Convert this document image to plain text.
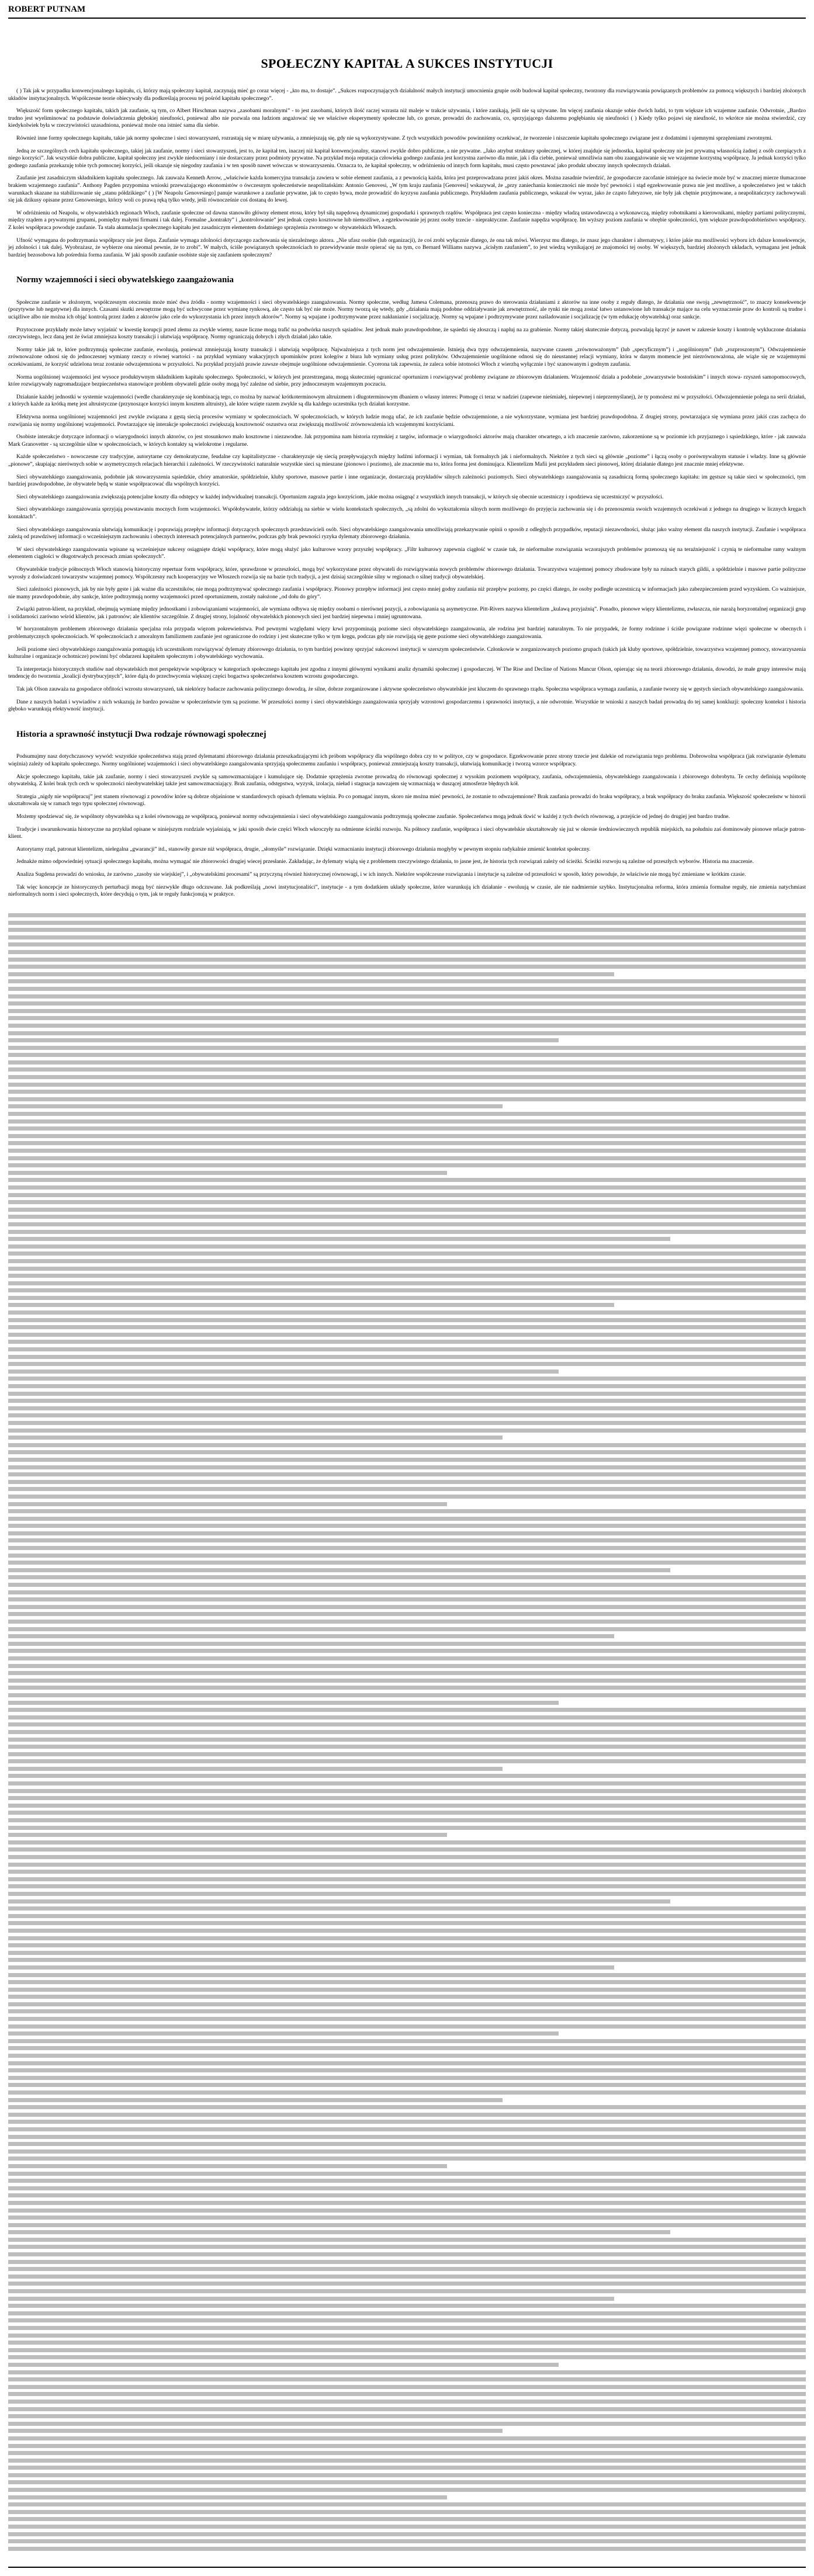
ROBERT PUTNAM
SPOŁECZNY KAPITAŁ A SUKCES INSTYTUCJI

( ) Tak jak w przypadku konwencjonalnego kapitału, ci, którzy mają społeczny kapitał, zaczynają mieć go coraz więcej - „kto ma, to dostaje”. „Sukces rozpoczynających działalność małych instytucji umocnienia grupie osób budował kapitał społeczny, tworzony dla rozwiązywania powiązanych problemów za pomocą większych i bardziej złożonych układów instytucjonalnych. Współczesne teorie obiecywały dla podkreślają procesu tej pośród kapitału społecznego”.

Większość form społecznego kapitału, takich jak zaufanie, są tym, co Albert Hirschman nazywa „zasobami moralnymi” - to jest zasobami, których ilość raczej wzrasta niż maleje w trakcie używania, i które zanikają, jeśli nie są używane. Im więcej zaufania okazuje sobie dwóch ludzi, to tym większe ich wzajemne zaufanie. Odwrotnie, „Bardzo trudno jest wyeliminować na podstawie doświadczenia głębokiej nieufności, ponieważ albo nie pozwala ona ludziom angażować się we właściwe eksperymenty społeczne lub, co gorsze, prowadzi do zachowania, co, sprzyjającego dalszemu pogłębianiu się nieufności ( ) Kiedy tylko pojawi się nieufność, to wkrótce nie można stwierdzić, czy kiedykolwiek była w rzeczywistości uzasadniona, ponieważ może ona istnieć sama dla siebie.

Również inne formy społecznego kapitału, takie jak normy społeczne i sieci stowarzyszeń, rozrastają się w miarę używania, a zmniejszają się, gdy nie są wykorzystywane. Z tych wszystkich powodów powinniśmy oczekiwać, że tworzenie i niszczenie kapitału społecznego związane jest z dodatnimi i ujemnymi sprzężeniami zwrotnymi.

Jedną ze szczególnych cech kapitału społecznego, takiej jak zaufanie, normy i sieci stowarzyszeń, jest to, że kapitał ten, inaczej niż kapitał konwencjonalny, stanowi zwykle dobro publiczne, a nie prywatne. „Jako atrybut struktury społecznej, w której znajduje się jednostka, kapitał społeczny nie jest prywatną własnością żadnej z osób czerpiących z niego korzyści”. Jak wszystkie dobra publiczne, kapitał społeczny jest zwykle niedoceniany i nie dostarczany przez podmioty prywatne. Na przykład moja reputacja człowieka godnego zaufania jest korzystna zarówno dla mnie, jak i dla ciebie, ponieważ umożliwia nam obu zaangażowanie się we wzajemne korzystną współpracę. Ja jednak korzyści tylko godnego zaufania przekazuję tobie tych pomocnej korzyści, jeśli okazuje się niegodny zaufania i w ten sposób nawet wówczas w stowarzyszeniu. Oznacza to, że kapitał społeczny, w odróżnieniu od innych form kapitału, musi często powstawać jako produkt uboczny innych społecznych działań.

Zaufanie jest zasadniczym składnikiem kapitału społecznego. Jak zauważa Kenneth Arrow, „właściwie każda komercyjna transakcja zawiera w sobie element zaufania, a z pewnością każda, która jest przeprowadzana przez jakiś okres. Można zasadnie twierdzić, że gospodarcze zacofanie istniejące na świecie może być w znacznej mierze tłumaczone brakiem wzajemnego zaufania”. Anthony Pagden przypomina wnioski przeważającego ekonomistów o ówczesnym społeczeństwie neapolitańskim: Antonio Genovesi, „W tym kraju zaufania [Genovesi] wskazywał, że „przy zaniechania konieczności nie może być pewności i stąd egzekwowanie prawa nie jest możliwe, a społeczeństwo jest w takich warunkach skazane na stabilizowanie się „stanu półdzikiego” ( ) [W Neapolu Genovesiego] panuje warunkowe a zaufanie prywatne, jak to często bywa, może prowadzić do kryzysu zaufania publicznego. Przykładem zaufania publicznego, wskazał ów wyraz, jako że cząsto fabryzowe, nie były jak chętnie przyjmowane, a neapolitańczycy zachowywali się jak dzikusy opisane przez Genowesiego, którzy woli co prawą ręką tylko wtedy, jeśli równocześnie coś dostaną do lewej.

W odróżnieniu od Neapolu, w obywatelskich regionach Włoch, zaufanie społeczne od dawna stanowiło główny element etosu, który był siłą napędową dynamicznej gospodarki i sprawnych rządów. Współpraca jest często konieczna - między władzą ustawodawczą a wykonawczą, między robotnikami a kierownikami, między partiami politycznymi, między rządem a prywatnymi grupami, pomiędzy małymi firmami i tak dalej. Formalne „kontrakty” i „kontrolowanie” jest jednak często kosztowne lub niemożliwe, a egzekwowanie jej przez osoby trzecie - niepraktyczne. Zaufanie napędza współpracę. Im wyższy poziom zaufania w obrębie społeczności, tym większe prawdopodobieństwo współpracy. Z kolei współpraca powoduje zaufanie. Ta stała akumulacja społecznego kapitału jest zasadniczym elementem dodatniego sprzężenia zwrotnego w obywatelskich Włoszech.

Ufność wymagana do podtrzymania współpracy nie jest ślepa. Zaufanie wymaga zdolności dotyczącego zachowania się niezależnego aktora. „Nie ufasz osobie (lub organizacji), że coś zrobi wyłącznie dlatego, że ona tak mówi. Wierzysz mu dlatego, że znasz jego charakter i alternatywy, i które jakie ma możliwości wyboru ich dalsze konsekwencje, jej zdolności i tak dalej. Wyobrażasz, że wybierze ona nieomal pewnie, że to zrobi”. W małych, ściśle powiązanych społecznościach to przewidywanie może opierać się na tym, co Bernard Williams nazywa „ścisłym zaufaniem”, to jest wiedzą wynikającej ze znajomości tej osoby. W większych, bardziej złożonych układach, wymagana jest jednak bardziej bezosobowa lub pośrednia forma zaufania. W jaki sposób zaufanie osobiste staje się zaufaniem społecznym?

Normy wzajemności i sieci obywatelskiego zaangażowania

Społeczne zaufanie w złożonym, współczesnym otoczeniu może mieć dwa źródła - normy wzajemności i sieci obywatelskiego zaangażowania. Normy społeczne, według Jamesa Colemana, przenoszą prawo do sterowania działaniami z aktorów na inne osoby z reguły dlatego, że działania one swoją „zewnętrzność”, to znaczy konsekwencje (pozytywne lub negatywne) dla innych. Czasami skutki zewnętrzne mogą być uchwycone przez wymianę rynkową, ale często tak być nie może. Normy tworzą się wtedy, gdy „działania mają podobne oddziaływanie jak zewnętrzność, ale rynki nie mogą zostać łatwo ustanowione lub transakcje mające na celu wyznaczenie praw do kontroli są trudne i uciążliwe albo nie można ich objąć kontrolą przez żaden z aktorów jako cele do wykorzystania ich przez innych aktorów”. Normy są wpajane i podtrzymywane przez nakłanianie i socjalizację. Normy są wpajane i podtrzymywane przez naśladowanie i socjalizację (w tym edukację obywatelską) oraz sankcje.

Przytoczone przykłady może łatwy wyjaśnić w kwestię korupcji przed złemu za zwykle wiemy, nasze liczne mogą trafić na podwórka naszych sąsiadów. Jest jednak mało prawdopodobne, że sąsiedzi się złoszczą i napluj na za grabienie. Normy takiej skutecznie dotyczą, pozwalają łączyć je nawet w zakresie koszty i kontrolę wykluczone działania rzeczywistego, lecz daną jest że świat zmniejsza koszty transakcji i ułatwiają współpracę. Normy ograniczają dobrych i złych działań jako takie.

Normy takie jak te, które podtrzymują społeczne zaufanie, ewoluują, ponieważ zmniejszają koszty transakcji i ułatwiają współpracę. Najważniejsza z tych norm jest odwzajemnienie. Istnieją dwa typy odwzajemnienia, nazywane czasem „zrównoważonym” (lub „specyficznym”) i „uogólnionym” (lub „rozproszonym”). Odwzajemnienie zrównoważone odnosi się do jednoczesnej wymiany rzeczy o równej wartości - na przykład wymiany wakacyjnych upominków przez kolegów z biura lub wymiany usług przez polityków. Odwzajemnienie uogólnione odnosi się do nieustannej relacji wymiany, która w danym momencie jest niezrównoważona, ale wiąże się ze wzajemnymi oczekiwaniami, że korzyść udzielona teraz zostanie odwzajemniona w przyszłości. Na przykład przyjaźń prawie zawsze obejmuje uogólnione odwzajemnienie. Cycerona tak zapewnia, że zaleca sobie istotności Włoch z wierzbą wyłącznie i być szanowanym i godnym zaufania.

Norma uogólnionej wzajemności jest wysoce produktywnym składnikiem kapitału społecznego. Społeczności, w których jest przestrzegana, mogą skuteczniej ograniczać oportunizm i rozwiązywać problemy związane ze zbiorowym działaniem. Wzajemność działa a podobnie „towarzystwie bostońskim” i innych stowa- rzyszeń samopomocowych, które rozwiązywały nagromadzające bezpieczeństwa stanowiące problem obywateli gdzie osoby mogą być zależne od siebie, przy jednoczesnym wzajemnym poczuciu.

Działanie każdej jednostki w systemie wzajemności (wedle charakteryzuje się kombinacją tego, co można by nazwać krótkoterminowym altruizmem i długoterminowym dbaniem o własny interes: Pomogę ci teraz w nadziei (zapewne nieśmiałej, niepewnej i nieprzemyślanej), że ty pomożesz mi w przyszłości. Odwzajemnienie polega na serii działań, z których każde za krótką metę jest altruistyczne (przynoszące korzyści innym kosztem altruisty), ale które wzięte razem zwykle są dla każdego uczestnika tych działań korzystne.

Efektywna norma uogólnionej wzajemności jest zwykle związana z gęstą siecią procesów wymiany w społecznościach. W społecznościach, w których ludzie mogą ufać, że ich zaufanie będzie odwzajemnione, a nie wykorzystane, wymiana jest bardziej prawdopodobna. Z drugiej strony, powtarzająca się wymiana przez jakiś czas zachęca do rozwijania się normy uogólnionej wzajemności. Powtarzające się interakcje społeczności zwiększają kosztowność oszustwa oraz zwiększają możliwość zrównoważenia ich wzajemnymi korzyściami.

Osobiste interakcje dotyczące informacji o wiarygodności innych aktorów, co jest stosunkowo mało kosztowne i niezawodne. Jak przypomina nam historia rzymskiej z targów, informacje o wiarygodności aktorów mają charakter otwartego, a ich znaczenie zarówno, zakorzenione są w poziomie ich przyjaznego i sąsiedzkiego, które - jak zauważa Mark Granovetter - są szczególnie silne w społecznościach, w których kontakty są wielokrotne i regularne.

Każde społeczeństwo - nowoczesne czy tradycyjne, autorytarne czy demokratyczne, feudalne czy kapitalistyczne - charakteryzuje się siecią przepływających między ludźmi informacji i wymian, tak formalnych jak i nieformalnych. Niektóre z tych sieci są głównie „poziome” i łączą osoby o porównywalnym statusie i władzy. Inne są głównie „pionowe”, skupiając nierównych sobie w asymetrycznych relacjach hierarchii i zależności. W rzeczywistości naturalnie wszystkie sieci są mieszane (pionowo i poziomo), ale znaczenie ma to, która forma jest dominująca. Klientelizm Mafii jest przykładem sieci pionowej, której działanie dlatego jest znacznie mniej efektywne.

Sieci obywatelskiego zaangażowania, podobnie jak stowarzyszenia sąsiedzkie, chóry amatorskie, spółdzielnie, kluby sportowe, masowe partie i inne organizacje, dostarczają przykładów silnych zależności poziomych. Sieci obywatelskiego zaangażowania są zasadniczą formą społecznego kapitału: im gęstsze są takie sieci w społeczności, tym bardziej prawdopodobne, że obywatele będą w stanie współpracować dla wspólnych korzyści.

Sieci obywatelskiego zaangażowania zwiększają potencjalne koszty dla odstępcy w każdej indywidualnej transakcji. Oportunizm zagraża jego korzyściom, jakie można osiągnąć z wszystkich innych transakcji, w których się obecnie uczestniczy i spodziewa się uczestniczyć w przyszłości.

Sieci obywatelskiego zaangażowania sprzyjają powstawaniu mocnych form wzajemności. Współobywatele, którzy oddziałują na siebie w wielu kontekstach społecznych, „są zdolni do wykształcenia silnych norm możliwego do przyjęcia zachowania się i do przenoszenia swoich wzajemnych oczekiwań z jednego na drugiego w licznych kręgach kontaktach”.

Sieci obywatelskiego zaangażowania ułatwiają komunikację i poprawiają przepływ informacji dotyczących społecznych przedstawicieli osób. Sieci obywatelskiego zaangażowania umożliwiają przekazywanie opinii o sposób z odległych przypadków, reputacji niezawodności, służąc jako ważny element dla naszych instytucji. Zaufanie i współpraca zależą od prawdziwej informacji o wcześniejszym zachowaniu i obecnych interesach potencjalnych partnerów, podczas gdy brak pewności ryzyka dylematy zbiorowego działania.

W sieci obywatelskiego zaangażowania wpisane są wcześniejsze sukcesy osiągnięte dzięki współpracy, które mogą służyć jako kulturowe wzory przyszłej współpracy. „Filtr kulturowy zapewnia ciągłość w czasie tak, że nieformalne rozwiązania wczorajszych problemów przenoszą się na teraźniejszość i czynią te nieformalne ramy ważnym elementem ciągłości w długotrwałych procesach zmian społecznych”.

Obywatelskie tradycje północnych Włoch stanowią historyczny repertuar form współpracy, które, sprawdzone w przeszłości, mogą być wykorzystane przez obywateli do rozwiązywania nowych problemów zbiorowego działania. Towarzystwa wzajemnej pomocy zbudowane były na ruinach starych gildii, a spółdzielnie i masowe partie polityczne wyrosły z doświadczeń towarzystw wzajemnej pomocy. Współczesny ruch kooperacyjny we Włoszech rozwija się na bazie tych tradycji, a jest dzisiaj szczególnie silny w regionach o silnej tradycji obywatelskiej.

Sieci zależności pionowych, jak by nie były gęste i jak ważne dla uczestników, nie mogą podtrzymywać społecznego zaufania i współpracy. Pionowy przepływ informacji jest często mniej godny zaufania niż przepływ poziomy, po części dlatego, że osoby podległe uczestniczą w informacjach jako zabezpieczeniem przed wyzyskiem. Co ważniejsze, nie mamy prawdopodobnie, aby sankcje, które podtrzymują normy wzajemności przed oportunizmem, zostały nałożone „od dołu do góry”.

Związki patron-klient, na przykład, obejmują wymianę między jednostkami i zobowiązaniami wzajemności, ale wymiana odbywa się między osobami o nierównej pozycji, a zobowiązania są asymetryczne. Pitt-Rivers nazywa klientelizm „kulawą przyjaźnią”. Ponadto, pionowe więzy klientelizmu, zwłaszcza, nie narażą horyzontalnej organizacji grup i solidarności zarówno wśród klientów, jak i patronów; ale klientów szczególnie. Z drugiej strony, lojalność obywatelskich pionowych sieci jest bardziej niepewna i mniej ugruntowana.

W horyzontalnym problemem zbiorowego działania specjalna rola przypada więzom pokrewieństwa. Pod pewnymi względami więzy krwi przypominają poziome sieci obywatelskiego zaangażowania, ale rodzina jest bardziej naturalnym. To nie przypadek, że formy rodzinne i ściśle powiązane rodzinne więzi społeczne w obecnych i problematycznych społecznościach. W społecznościach z amoralnym familizmem zaufanie jest ograniczone do rodziny i jest skuteczne tylko w tym kręgu, podczas gdy nie rozwijają się gęste poziome sieci obywatelskiego zaangażowania.

Jeśli poziome sieci obywatelskiego zaangażowania pomagają ich uczestnikom rozwiązywać dylematy zbiorowego działania, to tym bardziej powinny sprzyjać sukcesowi instytucji w szerszym społeczeństwie. Członkowie w zorganizowanych poziomo grupach (takich jak kluby sportowe, spółdzielnie, towarzystwa wzajemnej pomocy, stowarzyszenia kulturalne i organizacje ochotnicze) powinni być obdarzeni kapitałem społecznym i obywatelskiego wychowania.

Ta interpretacja historycznych studiów nad obywatelskich mot perspektywie współpracy w kategoriach społecznego kapitału jest zgodna z innymi głównymi wynikami analiz dynamiki społecznej i gospodarczej. W The Rise and Decline of Nations Mancur Olson, opierając się na teorii zbiorowego działania, dowodzi, że małe grupy interesów mają tendencję do tworzenia „koalicji dystrybucyjnych”, które dążą do przechwycenia większej części bogactwa społeczeństwa kosztem wzrostu gospodarczego.

Tak jak Olson zauważa na gospodarce obfitości wzrostu stowarzyszeń, tak niektórzy badacze zachowania politycznego dowodzą, że silne, dobrze zorganizowane i aktywne społeczeństwo obywatelskie jest kluczem do sprawnego rządu. Społeczna współpraca wymaga zaufania, a zaufanie tworzy się w gęstych sieciach obywatelskiego zaangażowania.

Dane z naszych badań i wywiadów z nich wskazują że bardzo poważne w społeczeństwie tym są poziome. W przeszłości normy i sieci obywatelskiego zaangażowania sprzyjały wzrostowi gospodarczemu i sprawności instytucji, a nie odwrotnie. Wszystkie te wnioski z naszych badań prowadzą do tej samej konkluzji: społeczny kontekst i historia głęboko warunkują efektywność instytucji.

Historia a sprawność instytucji Dwa rodzaje równowagi społecznej

Podsumujmy nasz dotychczasowy wywód: wszystkie społeczeństwa stają przed dylematami zbiorowego działania przeszkadzającymi ich próbom współpracy dla wspólnego dobra czy to w polityce, czy w gospodarce. Egzekwowanie przez strony trzecie jest dalekie od rozwiązania tego problemu. Dobrowolna współpraca (jak rozwiązanie dylematu więźnia) zależy od kapitału społecznego. Normy uogólnionej wzajemności i sieci obywatelskiego zaangażowania sprzyjają społecznemu zaufaniu i współpracy, ponieważ zmniejszają koszty transakcji, ułatwiają komunikację i tworzą wzorce współpracy.

Akcje społecznego kapitału, takie jak zaufanie, normy i sieci stowarzyszeń zwykle są samowzmacniające i kumulujące się. Dodatnie sprzężenia zwrotne prowadzą do równowagi społecznej z wysokim poziomem współpracy, zaufania, odwzajemnienia, obywatelskiego zaangażowania i zbiorowego dobrobytu. Te cechy definiują wspólnotę obywatelską. Z kolei brak tych cech w społeczności nieobywatelskiej także jest samowzmacniający. Brak zaufania, odstępstwa, wyzysk, izolacja, nieład i stagnacja nawzajem się wzmacniają w duszącej atmosferze błędnych kół.

Strategia „nigdy nie współpracuj” jest stanem równowagi z powodów które są dobrze objaśnione w standardowych opisach dylematu więźnia. Po co pomagać innym, skoro nie można mieć pewności, że zostanie to odwzajemnione? Brak zaufania prowadzi do braku współpracy, a brak współpracy do braku zaufania. Większość społeczeństw w historii ukształtowała się w ramach tego typu społecznej równowagi.

Możemy spodziewać się, że wspólnoty obywatelska są z kolei równowagą ze współpracą, ponieważ normy odwzajemnienia i sieci obywatelskiego zaangażowania podtrzymują społeczne zaufanie. Społeczeństwa mogą jednak tkwić w każdej z tych dwóch równowag, a przejście od jednej do drugiej jest bardzo trudne.

Tradycje i uwarunkowania historyczne na przykład opisane w niniejszym rozdziale wyjaśniają, w jaki sposób dwie części Włoch wkroczyły na odmienne ścieżki rozwoju. Na północy zaufanie, współpraca i sieci obywatelskie ukształtowały się już w okresie średniowiecznych republik miejskich, na południu zaś dominowały pionowe relacje patron-klient.

Autorytarny rząd, patronat klientelizm, nielegalna „gwarancji” itd., stanowiły gorsze niż współpraca, drugie, „słomyśle” rozwiązanie. Dzięki wzmacnianiu instytucji zbiorowego działania mogłyby w pewnym stopniu radykalnie zmienić kontekst społeczny.

Jednakże mimo odpowiedniej sytuacji społecznego kapitału, można wymagać nie zbiorowości drugiej wiecej przesłanie. Zakładając, że dylematy wiążą się z problemem rzeczywistego działania, to jasne jest, że historia tych rozwiązań zależy od ścieżki. Ścieżki rozwoju są zależne od przeszłych wyborów. Historia ma znaczenie.

Analiza Sugdena prowadzi do wniosku, że zarówno „zasoby sie wiejskiej”, i „obywatelskimi procesami” są przyczyną również historycznej równowagi, i w ich innych. Niektóre współczesne rozwiązania i instytucje są zależne od przeszłości w sposób, który powoduje, że właściwie nie mogą być zmieniane w krótkim czasie.

Tak więc koncepcje ze historycznych perturbacji mogą być niezwykle długo odczuwane. Jak podkreślają „nowi instytucjonaliści”, instytucje - a tym dodatkiem układy społeczne, które warunkują ich działanie - ewoluują w czasie, ale nie nadmiernie szybko. Instytucjonalna reforma, która zmienia formalne reguły, nie zmienia natychmiast nieformalnych norm i sieci społecznych, które decydują o tym, jak te reguły funkcjonują w praktyce.
